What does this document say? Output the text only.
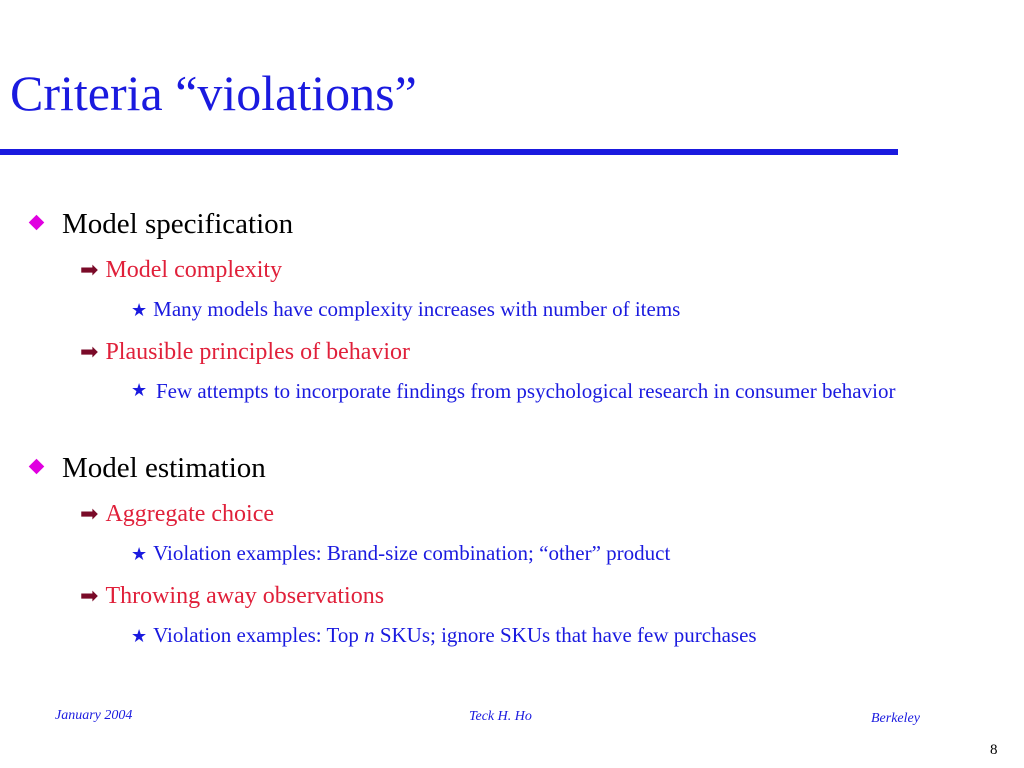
Criteria “violations”
Model specification
➡ Model complexity
★ Many models have complexity increases with number of items
➡ Plausible principles of behavior
★ Few attempts to incorporate findings from psychological research in consumer behavior
Model estimation
➡ Aggregate choice
★ Violation examples: Brand-size combination; “other” product
➡ Throwing away observations
★ Violation examples: Top n SKUs; ignore SKUs that have few purchases
January 2004	Teck H. Ho	Berkeley
8
